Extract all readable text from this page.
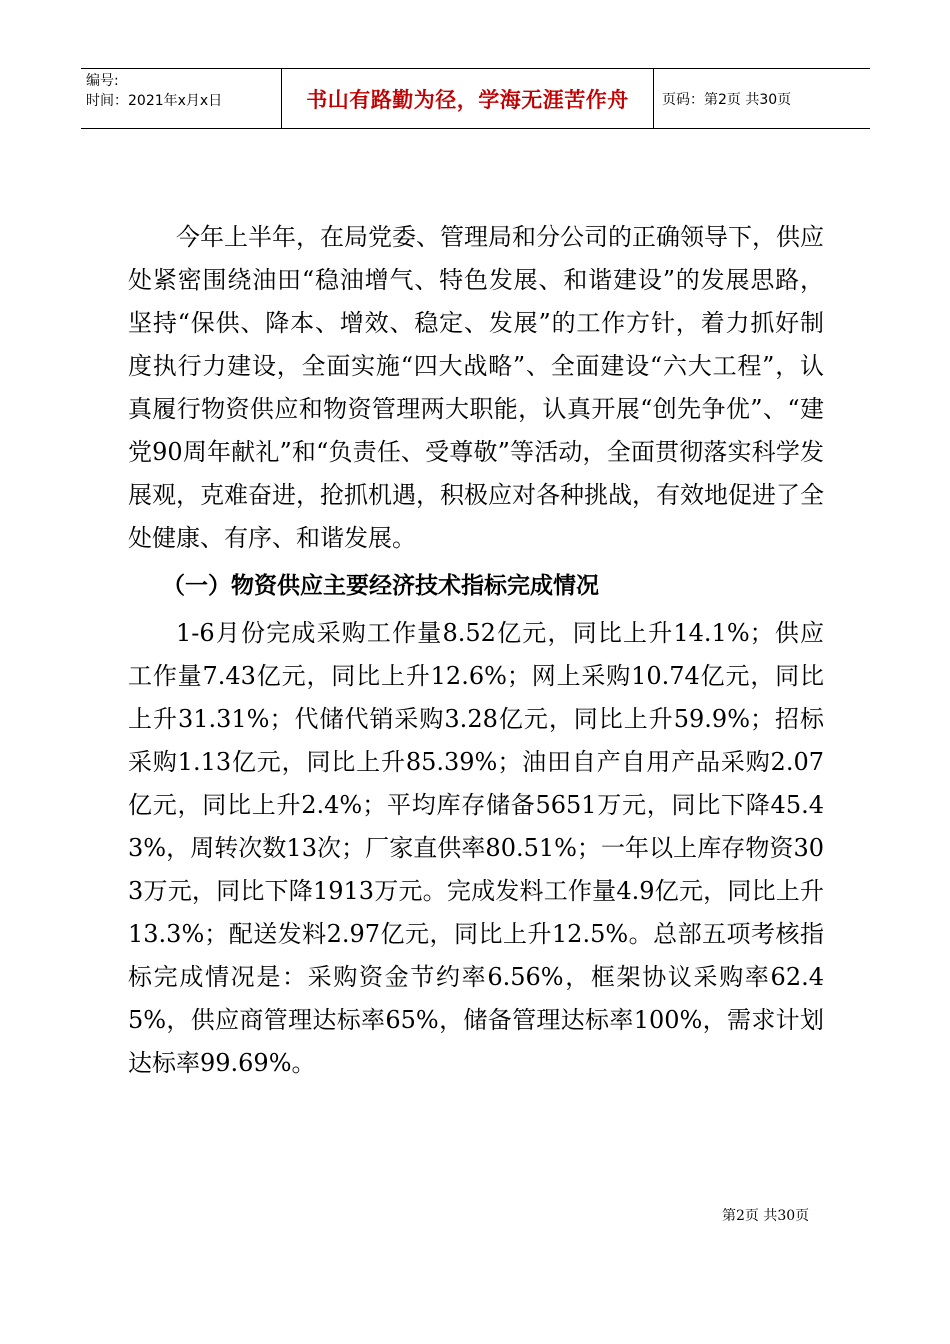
编号:
时间：2021年x月x日	书山有路勤为径，学海无涯苦作舟	页码：第2页 共30页

今年上半年，在局党委、管理局和分公司的正确领导下，供应处紧密围绕油田“稳油增气、特色发展、和谐建设”的发展思路，坚持“保供、降本、增效、稳定、发展”的工作方针，着力抓好制度执行力建设，全面实施“四大战略”、全面建设“六大工程”，认真履行物资供应和物资管理两大职能，认真开展“创先争优”、“建党90周年献礼”和“负责任、受尊敬”等活动，全面贯彻落实科学发展观，克难奋进，抢抓机遇，积极应对各种挑战，有效地促进了全处健康、有序、和谐发展。

（一）物资供应主要经济技术指标完成情况

1-6月份完成采购工作量8.52亿元，同比上升14.1%；供应工作量7.43亿元，同比上升12.6%；网上采购10.74亿元，同比上升31.31%；代储代销采购3.28亿元，同比上升59.9%；招标采购1.13亿元，同比上升85.39%；油田自产自用产品采购2.07亿元，同比上升2.4%；平均库存储备5651万元，同比下降45.43%，周转次数13次；厂家直供率80.51%；一年以上库存物资303万元，同比下降1913万元。完成发料工作量4.9亿元，同比上升13.3%；配送发料2.97亿元，同比上升12.5%。总部五项考核指标完成情况是：采购资金节约率6.56%，框架协议采购率62.45%，供应商管理达标率65%，储备管理达标率100%，需求计划达标率99.69%。

第2页 共30页
